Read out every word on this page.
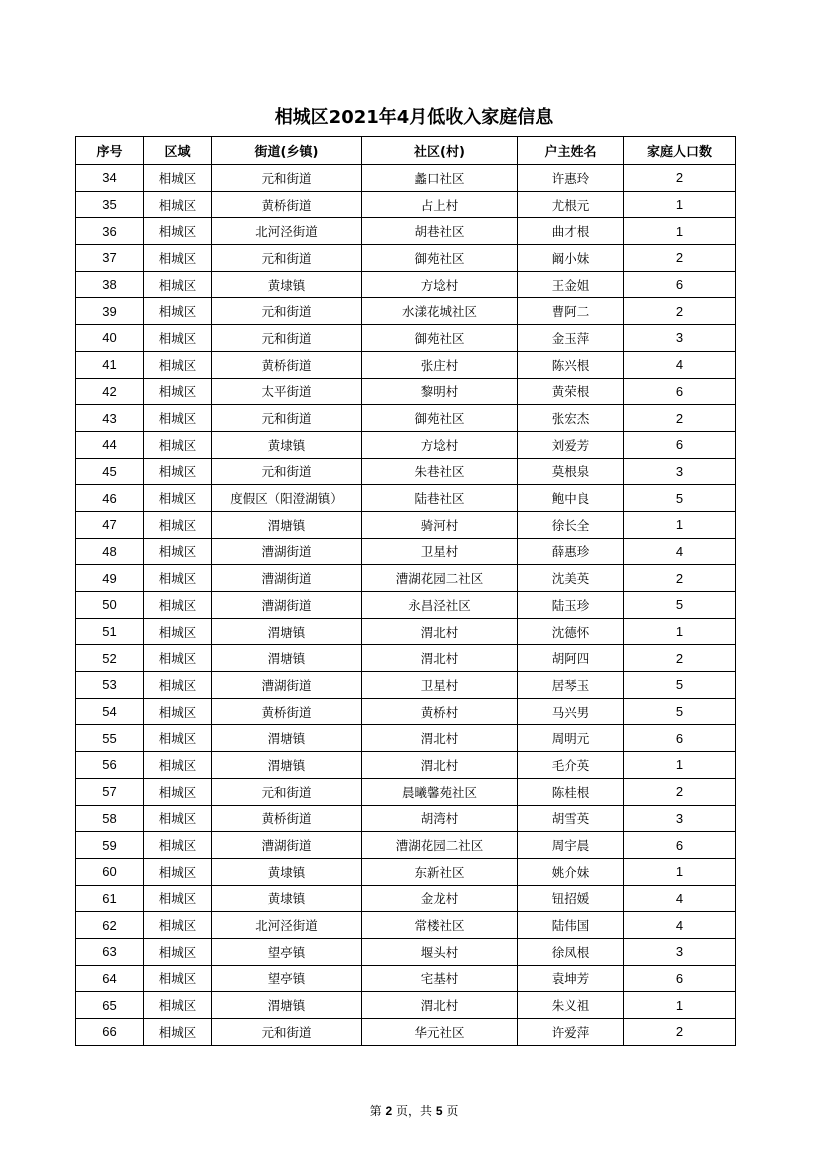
相城区2021年4月低收入家庭信息
序号	区域	街道(乡镇)	社区(村)	户主姓名	家庭人口数
34	相城区	元和街道	蠡口社区	许惠玲	2
35	相城区	黄桥街道	占上村	尤根元	1
36	相城区	北河泾街道	胡巷社区	曲才根	1
37	相城区	元和街道	御苑社区	阚小妹	2
38	相城区	黄埭镇	方埝村	王金姐	6
39	相城区	元和街道	水漾花城社区	曹阿二	2
40	相城区	元和街道	御苑社区	金玉萍	3
41	相城区	黄桥街道	张庄村	陈兴根	4
42	相城区	太平街道	黎明村	黄荣根	6
43	相城区	元和街道	御苑社区	张宏杰	2
44	相城区	黄埭镇	方埝村	刘爱芳	6
45	相城区	元和街道	朱巷社区	莫根泉	3
46	相城区	度假区（阳澄湖镇）	陆巷社区	鲍中良	5
47	相城区	渭塘镇	骑河村	徐长全	1
48	相城区	漕湖街道	卫星村	薛惠珍	4
49	相城区	漕湖街道	漕湖花园二社区	沈美英	2
50	相城区	漕湖街道	永昌泾社区	陆玉珍	5
51	相城区	渭塘镇	渭北村	沈德怀	1
52	相城区	渭塘镇	渭北村	胡阿四	2
53	相城区	漕湖街道	卫星村	居琴玉	5
54	相城区	黄桥街道	黄桥村	马兴男	5
55	相城区	渭塘镇	渭北村	周明元	6
56	相城区	渭塘镇	渭北村	毛介英	1
57	相城区	元和街道	晨曦馨苑社区	陈桂根	2
58	相城区	黄桥街道	胡湾村	胡雪英	3
59	相城区	漕湖街道	漕湖花园二社区	周宇晨	6
60	相城区	黄埭镇	东新社区	姚介妹	1
61	相城区	黄埭镇	金龙村	钮招媛	4
62	相城区	北河泾街道	常楼社区	陆伟国	4
63	相城区	望亭镇	堰头村	徐凤根	3
64	相城区	望亭镇	宅基村	袁坤芳	6
65	相城区	渭塘镇	渭北村	朱义祖	1
66	相城区	元和街道	华元社区	许爱萍	2
第 2 页，共 5 页
